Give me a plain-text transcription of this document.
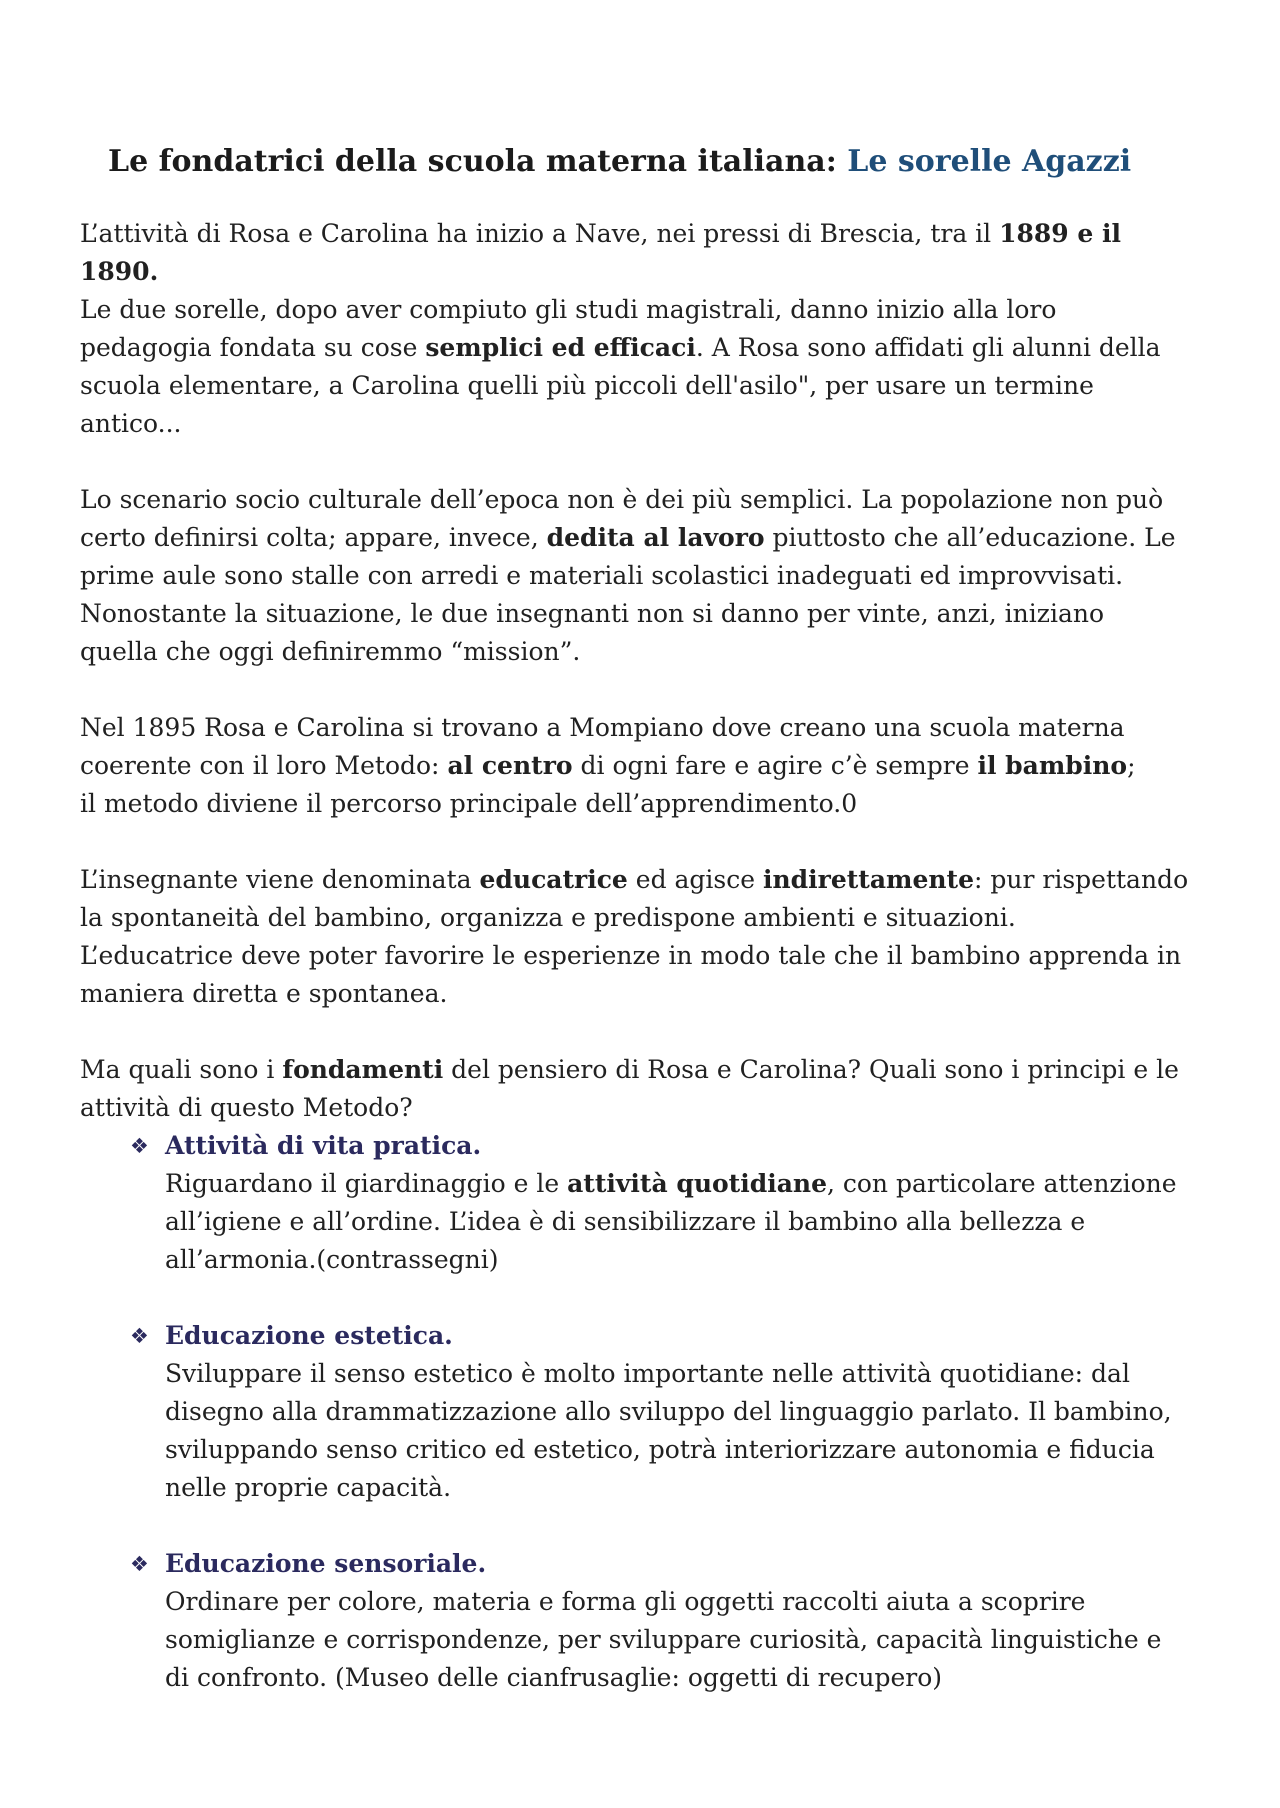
Le fondatrici della scuola materna italiana: Le sorelle Agazzi

L’attività di Rosa e Carolina ha inizio a Nave, nei pressi di Brescia, tra il 1889 e il 1890.
Le due sorelle, dopo aver compiuto gli studi magistrali, danno inizio alla loro
pedagogia fondata su cose semplici ed efficaci. A Rosa sono affidati gli alunni della
scuola elementare, a Carolina quelli più piccoli dell'asilo", per usare un termine
antico...

Lo scenario socio culturale dell’epoca non è dei più semplici. La popolazione non può
certo definirsi colta; appare, invece, dedita al lavoro piuttosto che all’educazione. Le
prime aule sono stalle con arredi e materiali scolastici inadeguati ed improvvisati.
Nonostante la situazione, le due insegnanti non si danno per vinte, anzi, iniziano
quella che oggi definiremmo “mission”.

Nel 1895 Rosa e Carolina si trovano a Mompiano dove creano una scuola materna
coerente con il loro Metodo: al centro di ogni fare e agire c’è sempre il bambino;
il metodo diviene il percorso principale dell’apprendimento.0

L’insegnante viene denominata educatrice ed agisce indirettamente: pur rispettando
la spontaneità del bambino, organizza e predispone ambienti e situazioni.
L’educatrice deve poter favorire le esperienze in modo tale che il bambino apprenda in
maniera diretta e spontanea.

Ma quali sono i fondamenti del pensiero di Rosa e Carolina? Quali sono i principi e le
attività di questo Metodo?

❖ Attività di vita pratica.
Riguardano il giardinaggio e le attività quotidiane, con particolare attenzione
all’igiene e all’ordine. L’idea è di sensibilizzare il bambino alla bellezza e
all’armonia.(contrassegni)
❖ Educazione estetica.
Sviluppare il senso estetico è molto importante nelle attività quotidiane: dal
disegno alla drammatizzazione allo sviluppo del linguaggio parlato. Il bambino,
sviluppando senso critico ed estetico, potrà interiorizzare autonomia e fiducia
nelle proprie capacità.
❖ Educazione sensoriale.
Ordinare per colore, materia e forma gli oggetti raccolti aiuta a scoprire
somiglianze e corrispondenze, per sviluppare curiosità, capacità linguistiche e
di confronto. (Museo delle cianfrusaglie: oggetti di recupero)
